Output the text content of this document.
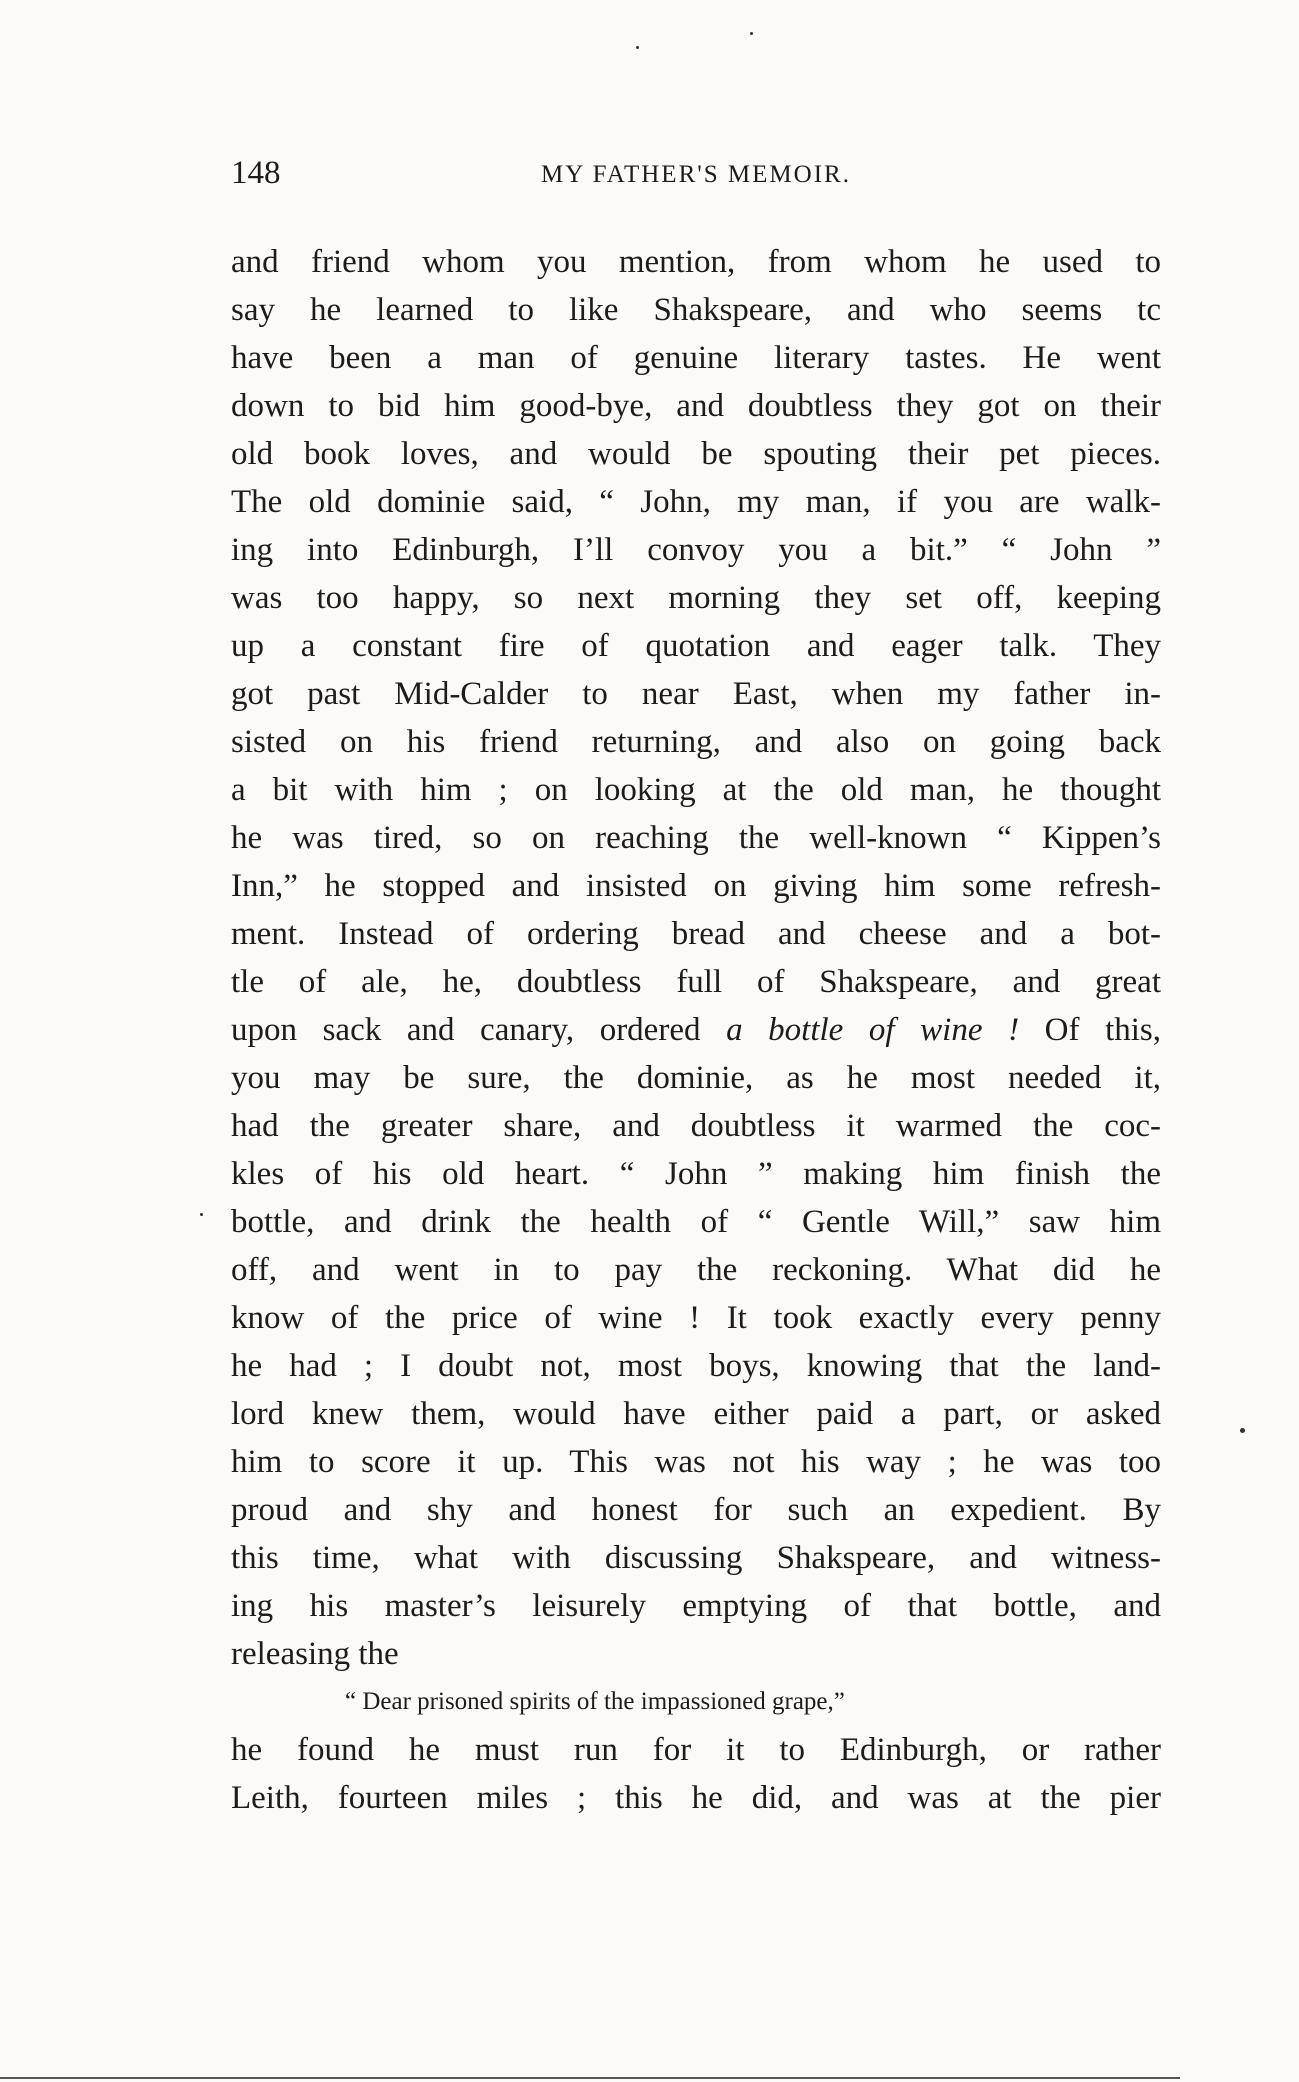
148	MY FATHER'S MEMOIR.
and friend whom you mention, from whom he used to
say he learned to like Shakspeare, and who seems tc
have been a man of genuine literary tastes. He went
down to bid him good-bye, and doubtless they got on their
old book loves, and would be spouting their pet pieces.
The old dominie said, “ John, my man, if you are walk-
ing into Edinburgh, I’ll convoy you a bit.” “ John ”
was too happy, so next morning they set off, keeping
up a constant fire of quotation and eager talk. They
got past Mid-Calder to near East, when my father in-
sisted on his friend returning, and also on going back
a bit with him ; on looking at the old man, he thought
he was tired, so on reaching the well-known “ Kippen’s
Inn,” he stopped and insisted on giving him some refresh-
ment. Instead of ordering bread and cheese and a bot-
tle of ale, he, doubtless full of Shakspeare, and great
upon sack and canary, ordered a bottle of wine ! Of this,
you may be sure, the dominie, as he most needed it,
had the greater share, and doubtless it warmed the coc-
kles of his old heart. “ John ” making him finish the
bottle, and drink the health of “ Gentle Will,” saw him
off, and went in to pay the reckoning. What did he
know of the price of wine ! It took exactly every penny
he had ; I doubt not, most boys, knowing that the land-
lord knew them, would have either paid a part, or asked
him to score it up. This was not his way ; he was too
proud and shy and honest for such an expedient. By
this time, what with discussing Shakspeare, and witness-
ing his master’s leisurely emptying of that bottle, and
releasing the
“ Dear prisoned spirits of the impassioned grape,”
he found he must run for it to Edinburgh, or rather
Leith, fourteen miles ; this he did, and was at the pier
